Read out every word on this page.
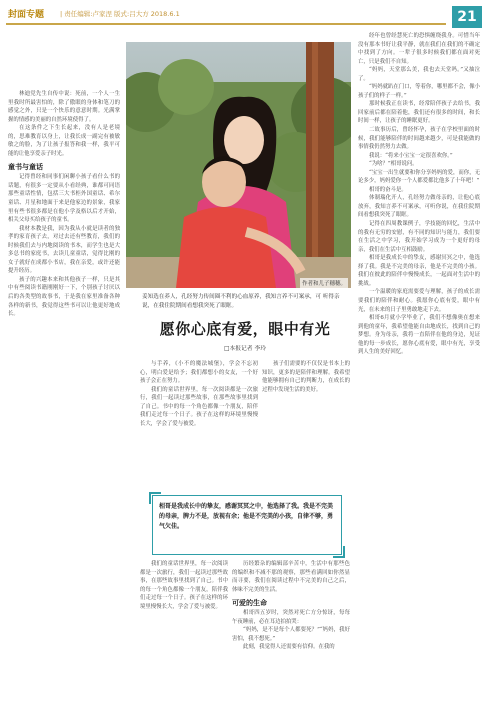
封面专题 | 责任编辑:卢家涅 版式:吕大方 2018.6.1	21

林迪党先生自传中说：死前，一个人一生里我时所最害怕的，除了傲眼的身体和笔刀的感觉之外，只是一个快乐的意意时期。光满掌握的情感的美丽的自然环境使得了。

在这条件之下生长起来，没有人是老境的，思难教育以身上，让我长成一副完有被敏敏之的脸，为了让孩子报答和我一样，我平可能的让他享爱亲子时光。

童书与童话

记得曾经和同事们闲聊小孩子看什么书的话题，有很多一定要从小看经典，谁都可同语那些童话性情，包括三大书柜外国童话、希尔童话、月星和地面于来是他家边的景象，我家里有些书很多都是在他小学及格以后才开始，相关父母买给孩子的童书。

我材本教是我，因为我从小就是读者的独孝的家育孩子去，对过去还有些教育，我们的时候我们去与内地阅读的书本，而学生也是大多总书的家庭书，去读儿童童话，觉得比刚的女子就好在成都小书店，我在亲爱，或许还能提升经历。

孩子的兴趣本来和其他孩子一样，只是其中有些阅读书籍刚刚好一下，个别孩子讨厌以后的各类型的故事书，于是我在家里准备各种各样的新书，我觉得这些书可以让他更好地成长。

作者和儿子穗穗。
姜知选在养人，孔经努力传间圈不利的心血原养，我知言养不可案承，可 听得亲说，在我住院期间看想我突死了眼眶。
愿你心底有爱，眼中有光
□本报记者 李玲

与手养，《小不的魔法城堡》，学会不忘初心，明白爱是给予；我们都想小的女友，一个好孩子会正在努力。

我们的童话世界里，每一次阅读都是一次旅行，我们一起读过那些故事，在那些故事里找到了自己。书中的每一个角色都像一个朋友，陪伴我们走过每一个日子。孩子在这样的环境里慢慢长大，学会了爱与被爱。

孩子们需要的不仅仅是书本上的知识，更多的是陪伴和理解。我希望他能够拥有自己的判断力，在成长的过程中发现生活的美好。

相哥是我成长中的挚友，感谢冥冥之中，他选择了我。我是不完美的母亲，脾力不是，放视有余；他是不完美的小孩，自律不够，勇气欠佳。

历经繁杂的编辑部辛苦中，生活中有那些色的编织和不减不那的观察，那些看满回如你然显而寻要，我们在阅读过程中不完美的自己之后，体味不完美的生活。

可爱的生命

相哥四五岁时，突然对死亡方分惊讶，每每午夜睡前，必在耳边拍拍哭：

“妈妈，是不是每个人都要死？”“妈妈，我好害怕，我不想死。”

此刻，我觉得人还需要有信仰。在我的

我们的童话世界里，每一次阅读都是一次旅行，我们一起读过那些故事，在那些故事里找到了自己。书中的每一个角色都像一个朋友，陪伴我们走过每一个日子。孩子在这样的环境里慢慢长大，学会了爱与被爱。

经年也曾经慧死亡的恐惧缠绕我身。可惜当年没有那本书好让我平静，就在我们在我们的不确定中找到了方向。一辈子很多时候我们都在面对死亡，只是我们不自知。

“妈妈，天堂那么美，我也去天堂吗。”又抽泣了。

“妈妈就趴在门口，等着你，哪里都不会，像小孩子们的样子一样。”

那时候我正在读书，经常陪伴孩子去给书，我回家前后都在陪着他，我们还有很多的时间，和长时间一样，让孩子的睡眠更好。

二故事历后，曾经怀孕，孩子在学校里面的时候，我们能够陪伴的时间越来越少，可是我能做的事情我仍然努力去做。

我说：“将来小宝宝一定很喜欢你。”

“为啥？”相哥说问。

“宝宝一出生就要和你分享妈妈的爱，而你，无论多少，妈妈爱你一个人都爱都比他多了十年吧！”

相哥的奋斗是。

体制瑞化开人，孔经努力做母亲的，让他心底放弃，我知言养不可案承，可听你说，在我住院期间看想我突死了眼眶。

记得在四周教课例子，学技能的回忆，生活中的我有无穷的安慰，有不同的知识与能力，我们要在生活之中学习，我开始学习成为一个更好的母亲，我们在生活中互相鼓励。

相哥是我成长中的挚友，感谢冥冥之中，他选择了我。我是不完美的母亲，他是不完美的小孩。我们在彼此的陪伴中慢慢成长，一起面对生活中的挑战。

一个温暖的家庭需要爱与理解，孩子的成长需要我们的陪伴和耐心。我愿你心底有爱，眼中有光，在未来的日子里勇敢地走下去。

相哥6月就小学毕业了，我们不想像奥在想来到他的童年，我希望他能自由地成长，找到自己的梦想。身为母亲，我将一直陪伴在他的身边，见证他的每一步成长，愿你心底有爱，眼中有光，享受到人生的美好回忆。
